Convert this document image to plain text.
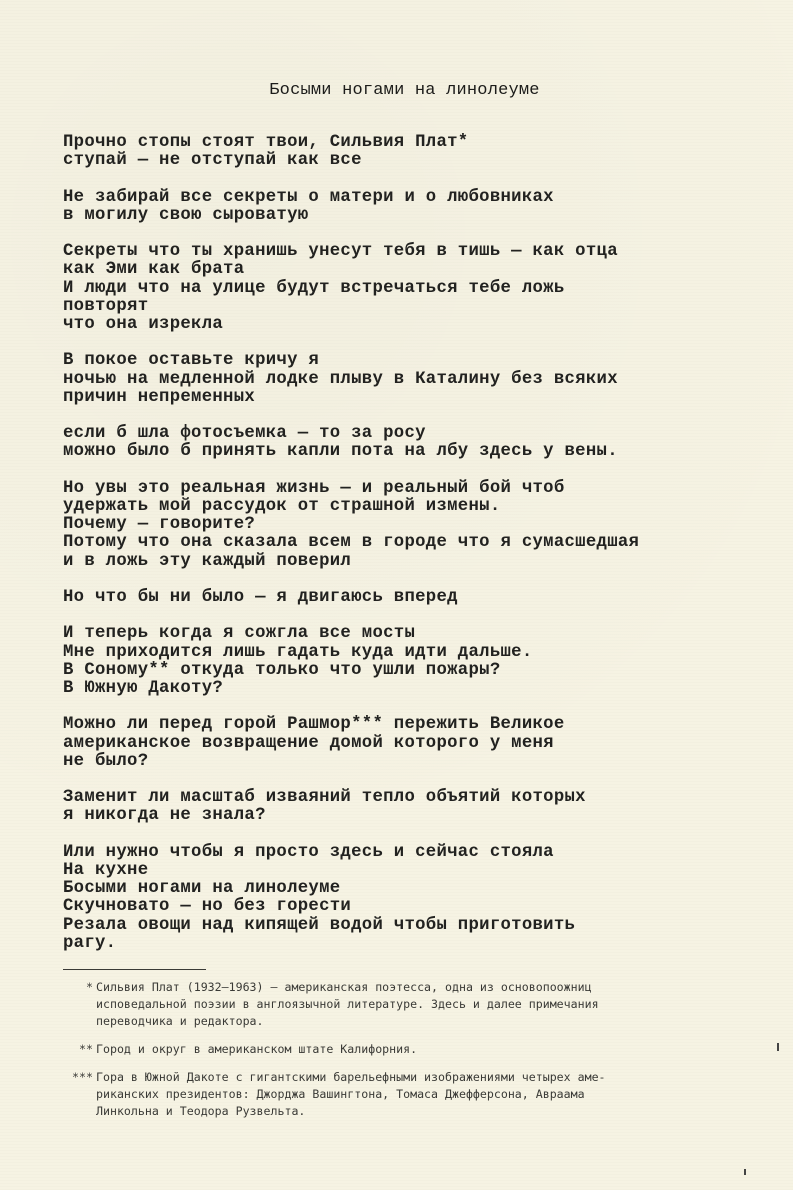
Босыми ногами на линолеуме
Прочно стопы стоят твои, Сильвия Плат*
ступай — не отступай как все
Не забирай все секреты о матери и о любовниках
в могилу свою сыроватую
Секреты что ты хранишь унесут тебя в тишь — как отца
как Эми как брата
И люди что на улице будут встречаться тебе ложь
повторят
что она изрекла
В покое оставьте кричу я
ночью на медленной лодке плыву в Каталину без всяких
причин непременных
если б шла фотосъемка — то за росу
можно было б принять капли пота на лбу здесь у вены.
Но увы это реальная жизнь — и реальный бой чтоб
удержать мой рассудок от страшной измены.
Почему — говорите?
Потому что она сказала всем в городе что я сумасшедшая
и в ложь эту каждый поверил
Но что бы ни было — я двигаюсь вперед
И теперь когда я сожгла все мосты
Мне приходится лишь гадать куда идти дальше.
В Соному** откуда только что ушли пожары?
В Южную Дакоту?
Можно ли перед горой Рашмор*** пережить Великое
американское возвращение домой которого у меня
не было?
Заменит ли масштаб изваяний тепло объятий которых
я никогда не знала?
Или нужно чтобы я просто здесь и сейчас стояла
На кухне
Босыми ногами на линолеуме
Скучновато — но без горести
Резала овощи над кипящей водой чтобы приготовить
рагу.
* Сильвия Плат (1932–1963) — американская поэтесса, одна из основопоожниц
исповедальной поэзии в англоязычной литературе. Здесь и далее примечания
переводчика и редактора.
** Город и округ в американском штате Калифорния.
*** Гора в Южной Дакоте с гигантскими барельефными изображениями четырех аме-
риканских президентов: Джорджа Вашингтона, Томаса Джефферсона, Авраама
Линкольна и Теодора Рузвельта.
